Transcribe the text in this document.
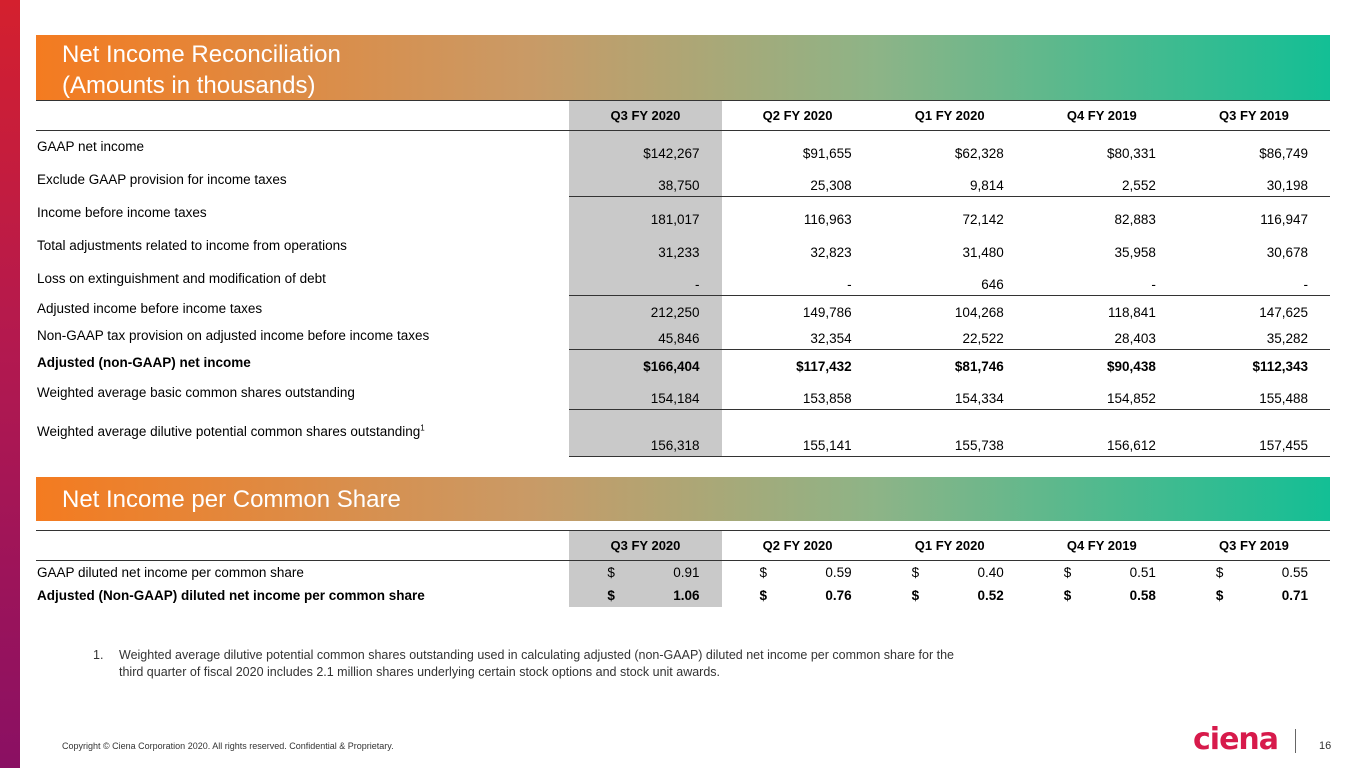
Net Income Reconciliation
(Amounts in thousands)
	Q3 FY 2020	Q2 FY 2020	Q1 FY 2020	Q4 FY 2019	Q3 FY 2019
GAAP net income	$142,267	$91,655	$62,328	$80,331	$86,749
Exclude GAAP provision for income taxes	38,750	25,308	9,814	2,552	30,198
Income before income taxes	181,017	116,963	72,142	82,883	116,947
Total adjustments related to income from operations	31,233	32,823	31,480	35,958	30,678
Loss on extinguishment and modification of debt	-	-	646	-	-
Adjusted income before income taxes	212,250	149,786	104,268	118,841	147,625
Non-GAAP tax provision on adjusted income before income taxes	45,846	32,354	22,522	28,403	35,282
Adjusted (non-GAAP) net income	$166,404	$117,432	$81,746	$90,438	$112,343
Weighted average basic common shares outstanding	154,184	153,858	154,334	154,852	155,488
Weighted average dilutive potential common shares outstanding$^1$	156,318	155,141	155,738	156,612	157,455
Net Income per Common Share
	Q3 FY 2020	Q2 FY 2020	Q1 FY 2020	Q4 FY 2019	Q3 FY 2019
GAAP diluted net income per common share	$ 0.91	$ 0.59	$ 0.40	$ 0.51	$ 0.55

Adjusted (Non-GAAP) diluted net income per common share	$ 1.06	$ 0.76	$ 0.52	$ 0.58	$ 0.71
1. Weighted average dilutive potential common shares outstanding used in calculating adjusted (non-GAAP) diluted net income per common share for the
third quarter of fiscal 2020 includes 2.1 million shares underlying certain stock options and stock unit awards.
Copyright © Ciena Corporation 2020. All rights reserved. Confidential & Proprietary.	ciena	16
